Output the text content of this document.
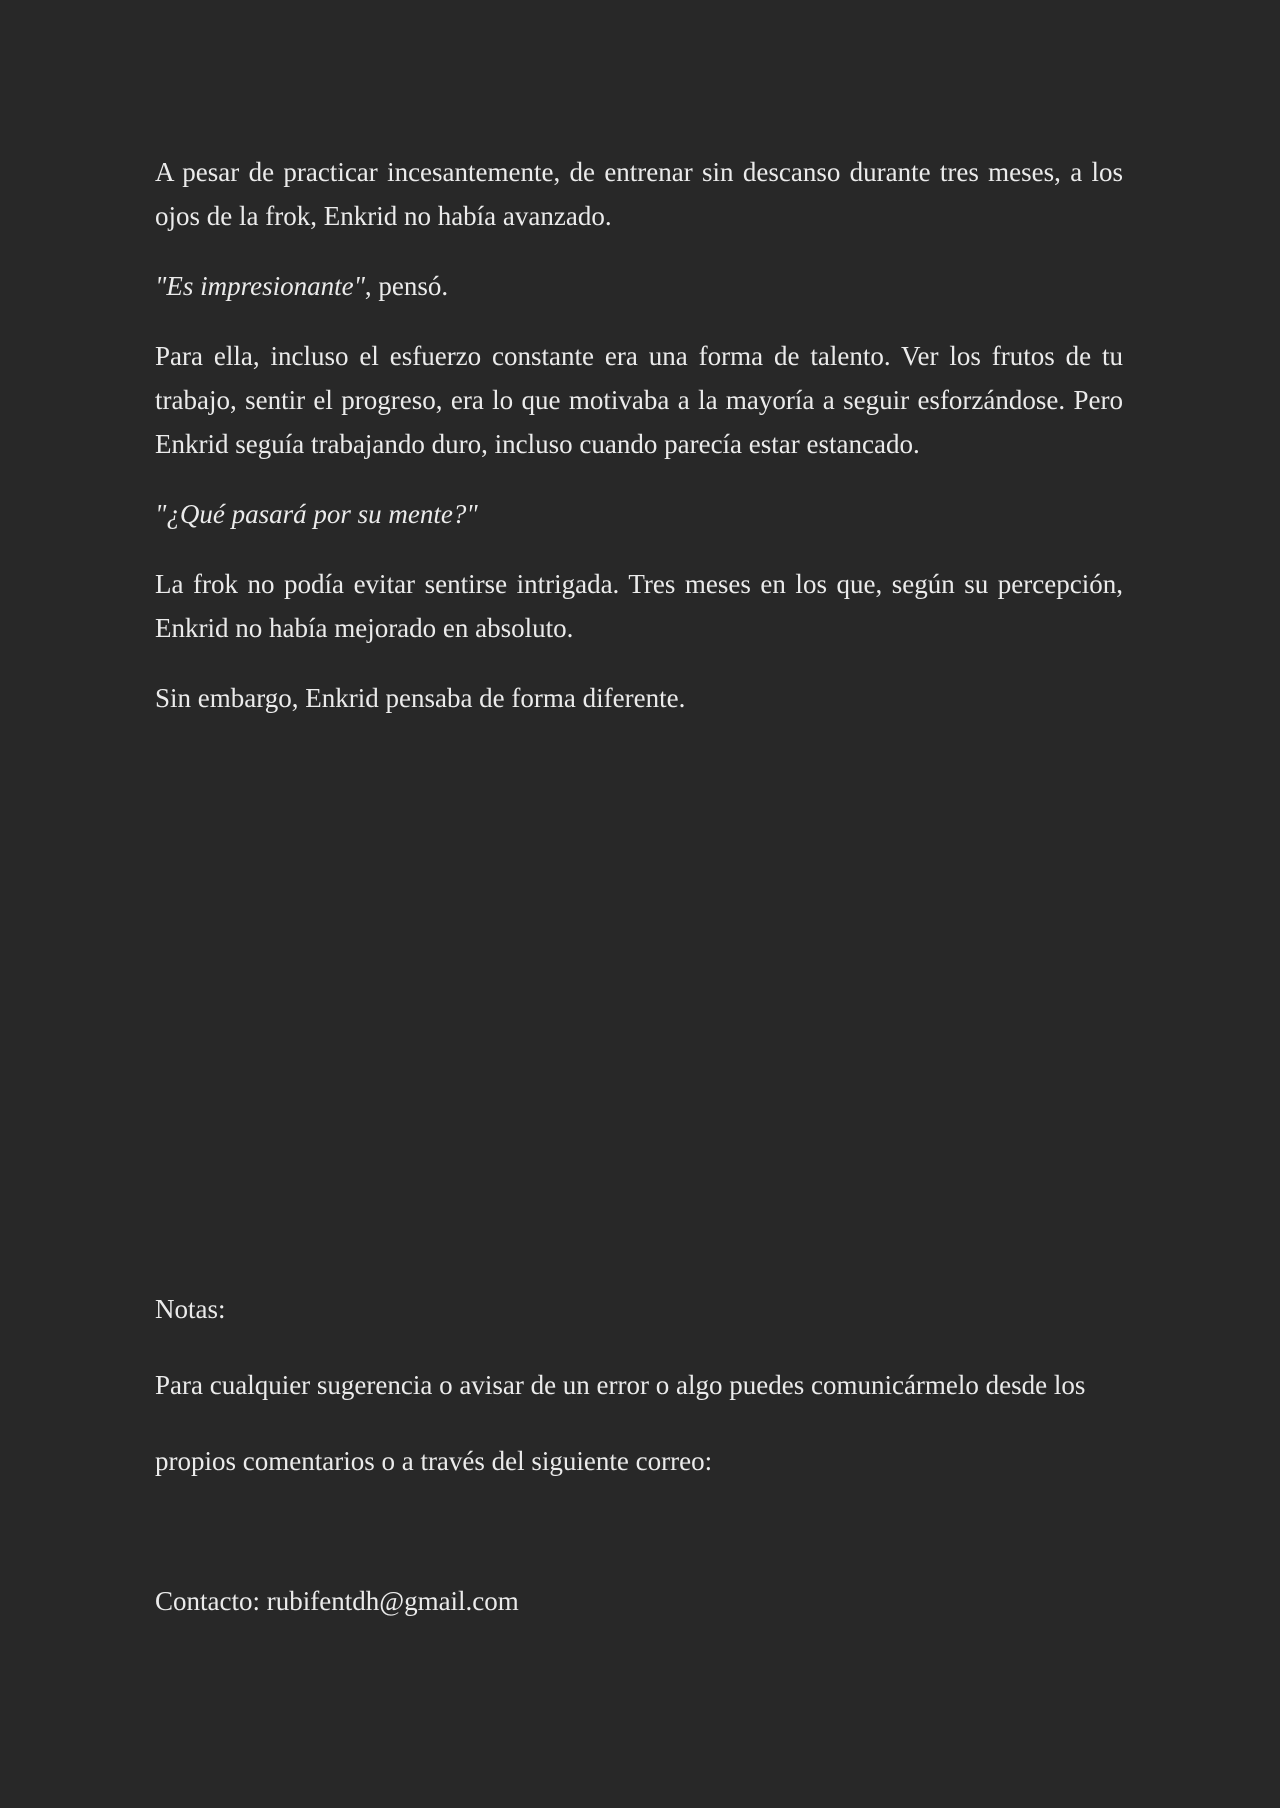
A pesar de practicar incesantemente, de entrenar sin descanso durante tres meses, a los ojos de la frok, Enkrid no había avanzado.

"Es impresionante", pensó.

Para ella, incluso el esfuerzo constante era una forma de talento. Ver los frutos de tu trabajo, sentir el progreso, era lo que motivaba a la mayoría a seguir esforzándose. Pero Enkrid seguía trabajando duro, incluso cuando parecía estar estancado.

"¿Qué pasará por su mente?"

La frok no podía evitar sentirse intrigada. Tres meses en los que, según su percepción, Enkrid no había mejorado en absoluto.

Sin embargo, Enkrid pensaba de forma diferente.

Notas:

Para cualquier sugerencia o avisar de un error o algo puedes comunicármelo desde los

propios comentarios o a través del siguiente correo:

Contacto: rubifentdh@gmail.com
